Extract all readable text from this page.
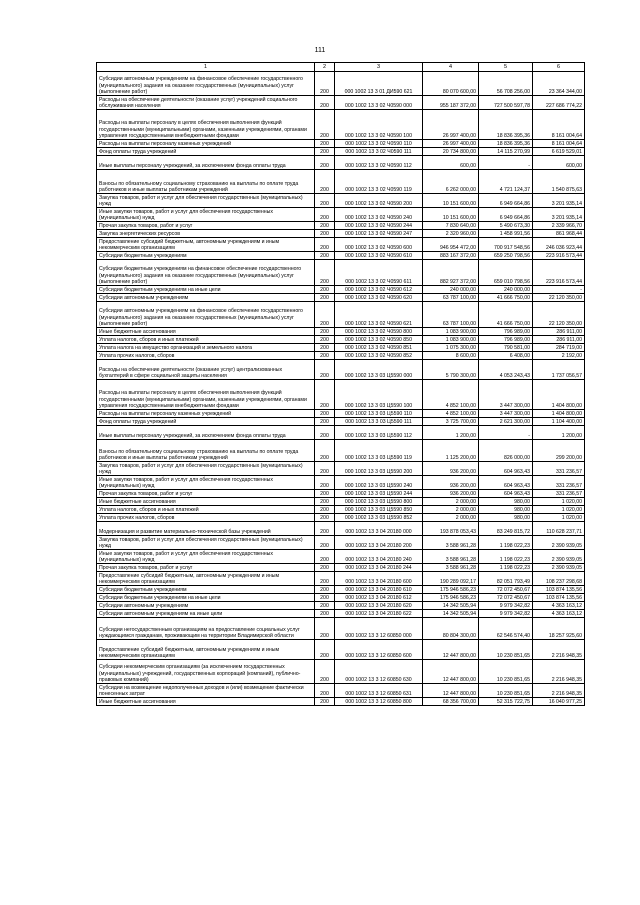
111
1	2	3	4	5	6
Субсидии автономным учреждениям на финансовое обеспечение государственного (муниципального) задания на оказание государственных (муниципальных) услуг (выполнение работ)	200	000 1002 13 3 01 ДИ590 621	80 070 600,00	56 708 256,00	23 364 344,00
Расходы на обеспечение деятельности (оказание услуг) учреждений социального обслуживания населения	200	000 1002 13 3 02 Ч0590 000	955 187 372,00	727 500 597,78	227 686 774,22
Расходы на выплаты персоналу в целях обеспечения выполнения функций государственными (муниципальными) органами, казенными учреждениями, органами управления государственными внебюджетными фондами	200	000 1002 13 3 02 Ч0590 100	26 997 400,00	18 836 395,36	8 161 004,64
Расходы на выплаты персоналу казенных учреждений	200	000 1002 13 3 02 Ч0590 110	26 997 400,00	18 836 395,36	8 161 004,64
Фонд оплаты труда учреждений	200	000 1002 13 3 02 Ч0590 111	20 734 800,00	14 115 270,99	6 619 529,01
Иные выплаты персоналу учреждений, за исключением фонда оплаты труда	200	000 1002 13 3 02 Ч0590 112	600,00	-	600,00
Взносы по обязательному социальному страхованию на выплаты по оплате труда работников и иные выплаты работникам учреждений	200	000 1002 13 3 02 Ч0590 119	6 262 000,00	4 721 124,37	1 540 875,63
Закупка товаров, работ и услуг для обеспечения государственных (муниципальных) нужд	200	000 1002 13 3 02 Ч0590 200	10 151 600,00	6 949 664,86	3 201 935,14
Иные закупки товаров, работ и услуг для обеспечения государственных (муниципальных) нужд	200	000 1002 13 3 02 Ч0590 240	10 151 600,00	6 949 664,86	3 201 935,14
Прочая закупка товаров, работ и услуг	200	000 1002 13 3 02 Ч0590 244	7 830 640,00	5 490 673,30	2 339 966,70
Закупка энергетических ресурсов	200	000 1002 13 3 02 Ч0590 247	2 320 960,00	1 458 991,56	861 968,44
Предоставление субсидий бюджетным, автономным учреждениям и иным некоммерческим организациям	200	000 1002 13 3 02 Ч0590 600	946 954 472,00	700 917 548,56	246 036 923,44
Субсидии бюджетным учреждениям	200	000 1002 13 3 02 Ч0590 610	883 167 372,00	659 250 798,56	223 916 573,44
Субсидии бюджетным учреждениям на финансовое обеспечение государственного (муниципального) задания на оказание государственных (муниципальных) услуг (выполнение работ)	200	000 1002 13 3 02 Ч0590 611	882 927 372,00	659 010 798,56	223 916 573,44
Субсидии бюджетным учреждениям на иные цели	200	000 1002 13 3 02 Ч0590 612	240 000,00	240 000,00	-
Субсидии автономным учреждениям	200	000 1002 13 3 02 Ч0590 620	63 787 100,00	41 666 750,00	22 120 350,00
Субсидии автономным учреждениям на финансовое обеспечение государственного (муниципального) задания на оказание государственных (муниципальных) услуг (выполнение работ)	200	000 1002 13 3 02 Ч0590 621	63 787 100,00	41 666 750,00	22 120 350,00
Иные бюджетные ассигнования	200	000 1002 13 3 02 Ч0590 800	1 083 900,00	796 989,00	286 911,00
Уплата налогов, сборов и иных платежей	200	000 1002 13 3 02 Ч0590 850	1 083 900,00	796 989,00	286 911,00
Уплата налога на имущество организаций и земельного налога	200	000 1002 13 3 02 Ч0590 851	1 075 300,00	790 581,00	284 719,00
Уплата прочих налогов, сборов	200	000 1002 13 3 02 Ч0590 852	8 600,00	6 408,00	2 192,00
Расходы на обеспечение деятельности (оказание услуг) централизованных бухгалтерий в сфере социальной защиты населения	200	000 1002 13 3 03 Ц5590 000	5 790 300,00	4 053 243,43	1 737 056,57
Расходы на выплаты персоналу в целях обеспечения выполнения функций государственными (муниципальными) органами, казенными учреждениями, органами управления государственными внебюджетными фондами	200	000 1002 13 3 03 Ц5590 100	4 852 100,00	3 447 300,00	1 404 800,00
Расходы на выплаты персоналу казенных учреждений	200	000 1002 13 3 03 Ц5590 110	4 852 100,00	3 447 300,00	1 404 800,00
Фонд оплаты труда учреждений	200	000 1002 13 3 03 Ц5590 111	3 725 700,00	2 621 300,00	1 104 400,00
Иные выплаты персоналу учреждений, за исключением фонда оплаты труда	200	000 1002 13 3 03 Ц5590 112	1 200,00	-	1 200,00
Взносы по обязательному социальному страхованию на выплаты по оплате труда работников и иные выплаты работникам учреждений	200	000 1002 13 3 03 Ц5590 119	1 125 200,00	826 000,00	299 200,00
Закупка товаров, работ и услуг для обеспечения государственных (муниципальных) нужд	200	000 1002 13 3 03 Ц5590 200	936 200,00	604 963,43	331 236,57
Иные закупки товаров, работ и услуг для обеспечения государственных (муниципальных) нужд	200	000 1002 13 3 03 Ц5590 240	936 200,00	604 963,43	331 236,57
Прочая закупка товаров, работ и услуг	200	000 1002 13 3 03 Ц5590 244	936 200,00	604 963,43	331 236,57
Иные бюджетные ассигнования	200	000 1002 13 3 03 Ц5590 800	2 000,00	980,00	1 020,00
Уплата налогов, сборов и иных платежей	200	000 1002 13 3 03 Ц5590 850	2 000,00	980,00	1 020,00
Уплата прочих налогов, сборов	200	000 1002 13 3 03 Ц5590 852	2 000,00	980,00	1 020,00
Модернизация и развитие материально-технической базы учреждений	200	000 1002 13 3 04 20180 000	193 878 053,43	83 249 815,72	110 628 237,71
Закупка товаров, работ и услуг для обеспечения государственных (муниципальных) нужд	200	000 1002 13 3 04 20180 200	3 588 961,28	1 198 022,23	2 390 939,05
Иные закупки товаров, работ и услуг для обеспечения государственных (муниципальных) нужд	200	000 1002 13 3 04 20180 240	3 588 961,28	1 198 022,23	2 390 939,05
Прочая закупка товаров, работ и услуг	200	000 1002 13 3 04 20180 244	3 588 961,28	1 198 022,23	2 390 939,05
Предоставление субсидий бюджетным, автономным учреждениям и иным некоммерческим организациям	200	000 1002 13 3 04 20180 600	190 289 092,17	82 051 793,49	108 237 298,68
Субсидии бюджетным учреждениям	200	000 1002 13 3 04 20180 610	175 946 586,23	72 072 450,67	103 874 135,56
Субсидии бюджетным учреждениям на иные цели	200	000 1002 13 3 04 20180 612	175 946 586,23	72 072 450,67	103 874 135,56
Субсидии автономным учреждениям	200	000 1002 13 3 04 20180 620	14 342 505,94	9 979 342,82	4 363 163,12
Субсидии автономным учреждениям на иные цели	200	000 1002 13 3 04 20180 622	14 342 505,94	9 979 342,82	4 363 163,12
Субсидии негосударственным организациям на предоставление социальных услуг нуждающимся гражданам, проживающим на территории Владимирской области	200	000 1002 13 3 12 60850 000	80 804 300,00	62 546 574,40	18 257 925,60
Предоставление субсидий бюджетным, автономным учреждениям и иным некоммерческим организациям	200	000 1002 13 3 12 60850 600	12 447 800,00	10 230 851,65	2 216 948,35
Субсидии некоммерческим организациям (за исключением государственных (муниципальных) учреждений, государственных корпораций (компаний), публично-правовых компаний)	200	000 1002 13 3 12 60850 630	12 447 800,00	10 230 851,65	2 216 948,35
Субсидии на возмещение недополученных доходов и (или) возмещение фактически понесенных затрат	200	000 1002 13 3 12 60850 631	12 447 800,00	10 230 851,65	2 216 948,35
Иные бюджетные ассигнования	200	000 1002 13 3 12 60850 800	68 356 700,00	52 315 722,75	16 040 977,25
